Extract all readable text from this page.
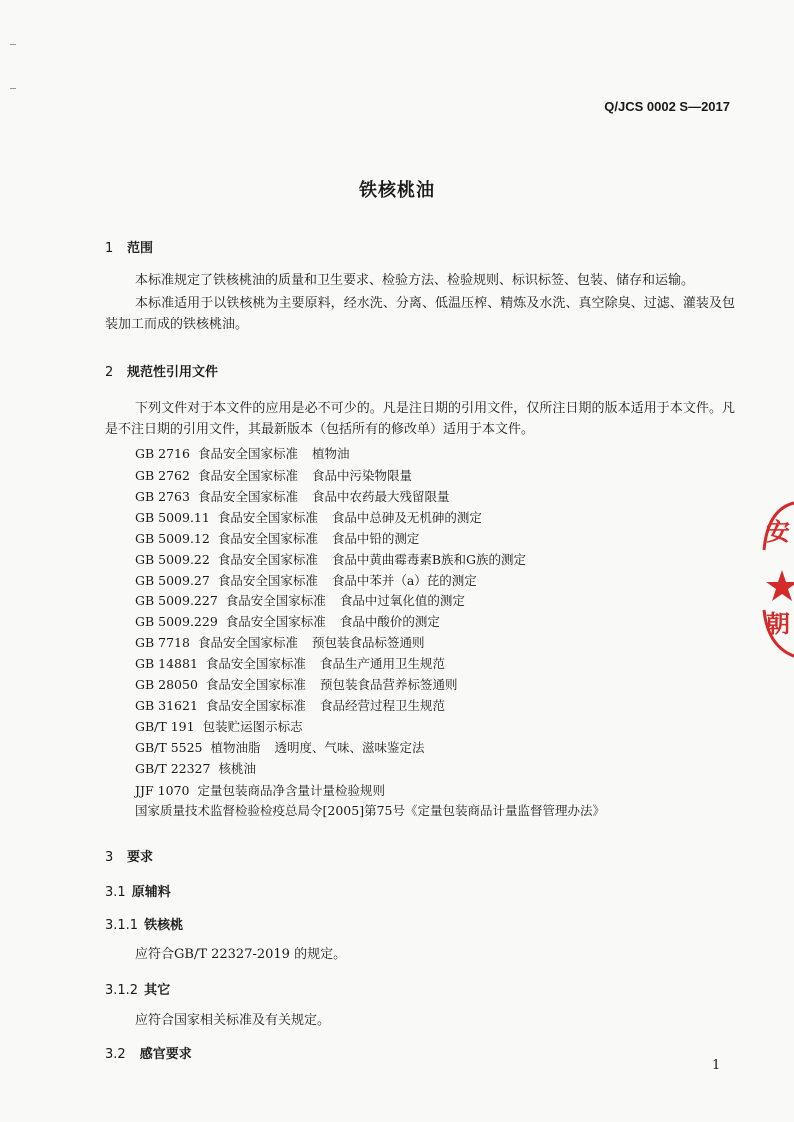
Q/JCS 0002 S—2017
铁核桃油
1 范围
本标准规定了铁核桃油的质量和卫生要求、检验方法、检验规则、标识标签、包装、储存和运输。
本标准适用于以铁核桃为主要原料，经水洗、分离、低温压榨、精炼及水洗、真空除臭、过滤、灌装及包装加工而成的铁核桃油。
2 规范性引用文件
下列文件对于本文件的应用是必不可少的。凡是注日期的引用文件，仅所注日期的版本适用于本文件。凡是不注日期的引用文件，其最新版本（包括所有的修改单）适用于本文件。
GB 2716 食品安全国家标准 植物油
GB 2762 食品安全国家标准 食品中污染物限量
GB 2763 食品安全国家标准 食品中农药最大残留限量
GB 5009.11 食品安全国家标准 食品中总砷及无机砷的测定
GB 5009.12 食品安全国家标准 食品中铅的测定
GB 5009.22 食品安全国家标准 食品中黄曲霉毒素B族和G族的测定
GB 5009.27 食品安全国家标准 食品中苯并（a）芘的测定
GB 5009.227 食品安全国家标准 食品中过氧化值的测定
GB 5009.229 食品安全国家标准 食品中酸价的测定
GB 7718 食品安全国家标准 预包装食品标签通则
GB 14881 食品安全国家标准 食品生产通用卫生规范
GB 28050 食品安全国家标准 预包装食品营养标签通则
GB 31621 食品安全国家标准 食品经营过程卫生规范
GB/T 191 包装贮运图示标志
GB/T 5525 植物油脂 透明度、气味、滋味鉴定法
GB/T 22327 核桃油
JJF 1070 定量包装商品净含量计量检验规则
国家质量技术监督检验检疫总局令[2005]第75号《定量包装商品计量监督管理办法》
3 要求
3.1 原辅料
3.1.1 铁核桃
应符合GB/T 22327-2019 的规定。
3.1.2 其它
应符合国家相关标准及有关规定。
3.2 感官要求
1
安
朝
